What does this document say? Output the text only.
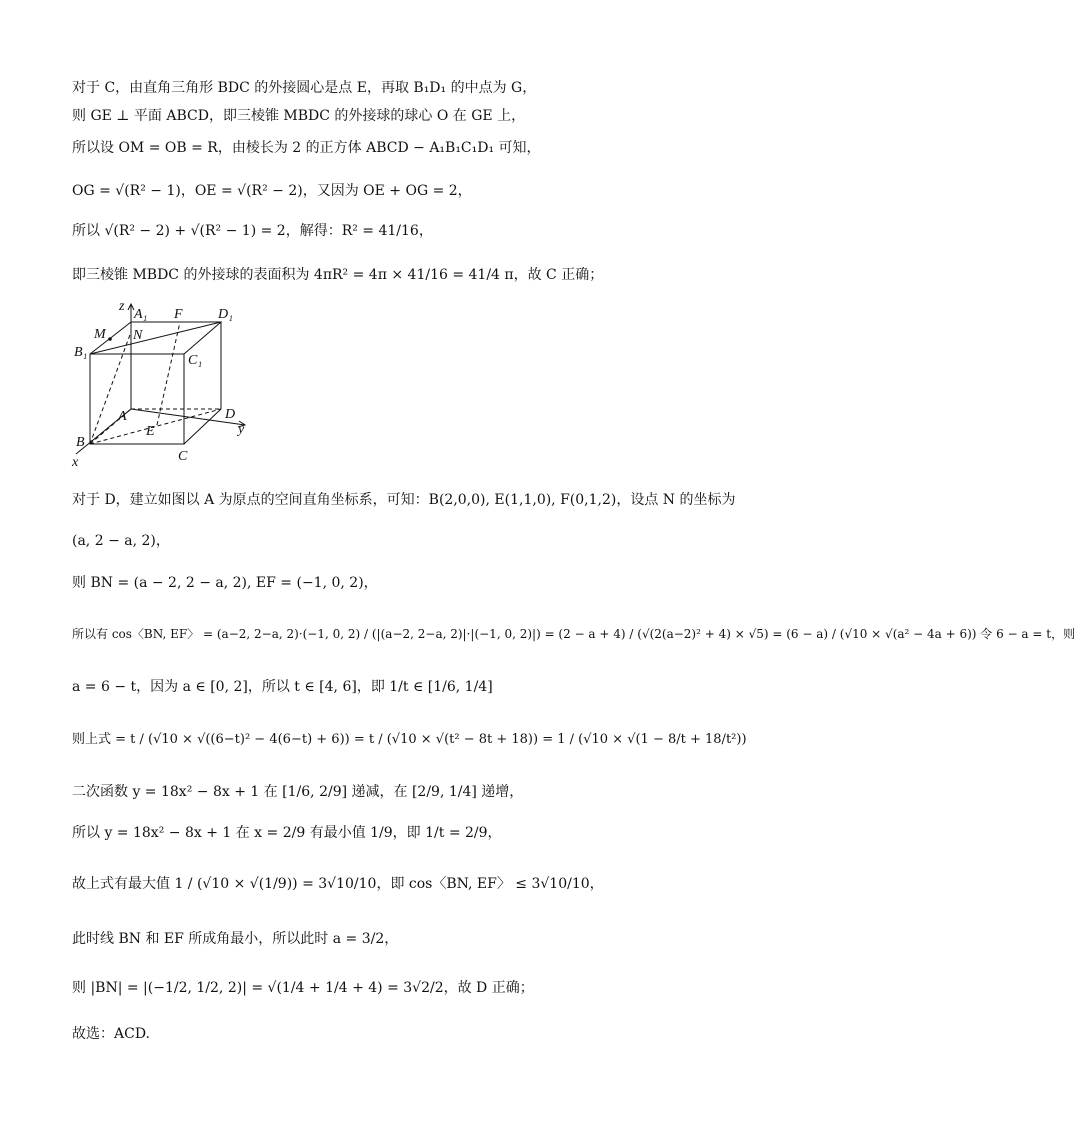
对于 C，由直角三角形 BDC 的外接圆心是点 E，再取 B₁D₁ 的中点为 G，
则 GE ⊥ 平面 ABCD，即三棱锥 MBDC 的外接球的球心 O 在 GE 上，
所以设 OM = OB = R，由棱长为 2 的正方体 ABCD − A₁B₁C₁D₁ 可知，
OG = √(R² − 1)，OE = √(R² − 2)，又因为 OE + OG = 2，
所以 √(R² − 2) + √(R² − 1) = 2，解得：R² = 41/16，
即三棱锥 MBDC 的外接球的表面积为 4πR² = 4π × 41/16 = 41/4 π，故 C 正确；
z
A₁ F	D₁
M N
B₁
C₁
A	D
y
E
B
x	C
对于 D，建立如图以 A 为原点的空间直角坐标系，可知：B(2,0,0), E(1,1,0), F(0,1,2)，设点 N 的坐标为
(a, 2 − a, 2)，
则 BN = (a − 2, 2 − a, 2), EF = (−1, 0, 2)，
所以有 cos〈BN, EF〉 = (a−2, 2−a, 2)·(−1, 0, 2) / (|(a−2, 2−a, 2)|·|(−1, 0, 2)|) = (2 − a + 4) / (√(2(a−2)² + 4) × √5) = (6 − a) / (√10 × √(a² − 4a + 6)) 令 6 − a = t，则
a = 6 − t，因为 a ∈ [0, 2]，所以 t ∈ [4, 6]，即 1/t ∈ [1/6, 1/4]
则上式 = t / (√10 × √((6−t)² − 4(6−t) + 6)) = t / (√10 × √(t² − 8t + 18)) = 1 / (√10 × √(1 − 8/t + 18/t²))
二次函数 y = 18x² − 8x + 1 在 [1/6, 2/9] 递减，在 [2/9, 1/4] 递增，
所以 y = 18x² − 8x + 1 在 x = 2/9 有最小值 1/9，即 1/t = 2/9，
故上式有最大值 1 / (√10 × √(1/9)) = 3√10/10，即 cos〈BN, EF〉 ≤ 3√10/10，
此时线 BN 和 EF 所成角最小，所以此时 a = 3/2，
则 |BN| = |(−1/2, 1/2, 2)| = √(1/4 + 1/4 + 4) = 3√2/2，故 D 正确；
故选：ACD.
